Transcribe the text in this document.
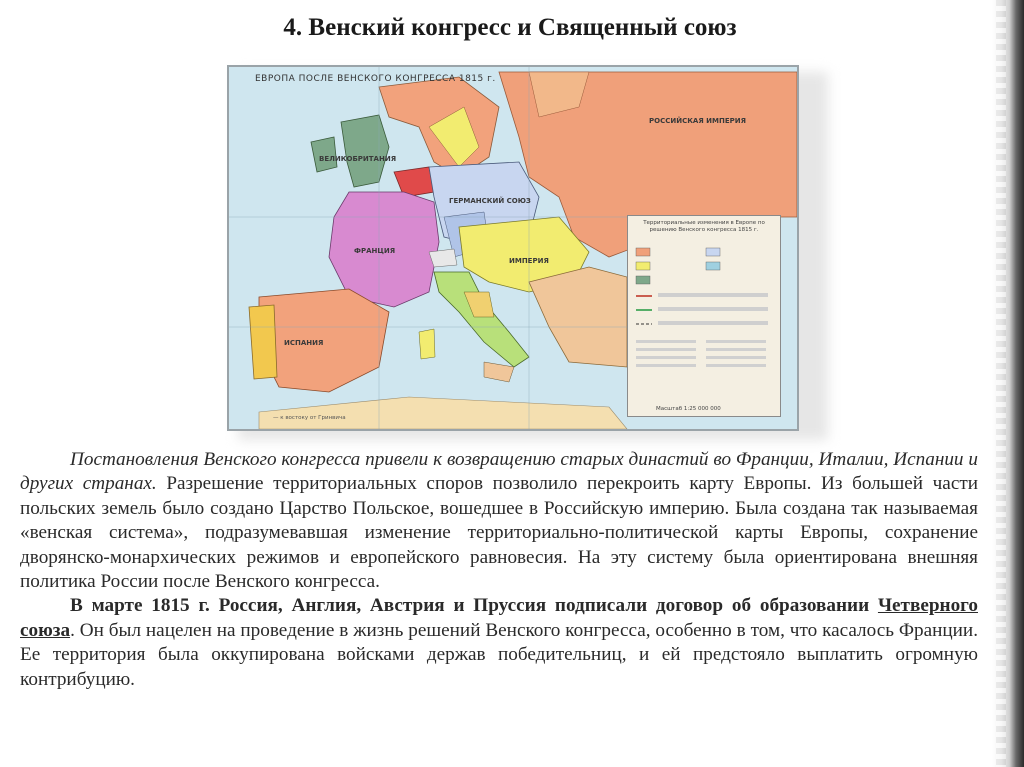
4. Венский конгресс и Священный союз
ЕВРОПА ПОСЛЕ ВЕНСКОГО КОНГРЕССА 1815 г.
ВЕЛИКОБРИТАНИЯ
ФРАНЦИЯ
ИСПАНИЯ
ГЕРМАНСКИЙ СОЮЗ
ИМПЕРИЯ
РОССИЙСКАЯ ИМПЕРИЯ
Территориальные изменения в Европе по решению Венского конгресса 1815 г.
Масштаб 1:25 000 000
— к востоку от Гринвича

Постановления Венского конгресса привели к возвращению старых династий во Франции, Италии, Испании и других странах. Разрешение территориальных споров позволило перекроить карту Европы. Из большей части польских земель было создано Царство Польское, вошедшее в Российскую империю. Была создана так называемая «венская система», подразумевавшая изменение территориально-политической карты Европы, сохранение дворянско-монархических режимов и европейского равновесия. На эту систему была ориентирована внешняя политика России после Венского конгресса.

В марте 1815 г. Россия, Англия, Австрия и Пруссия подписали договор об образовании Четверного союза. Он был нацелен на проведение в жизнь решений Венского конгресса, особенно в том, что касалось Франции. Ее территория была оккупирована войсками держав победительниц, и ей предстояло выплатить огромную контрибуцию.
